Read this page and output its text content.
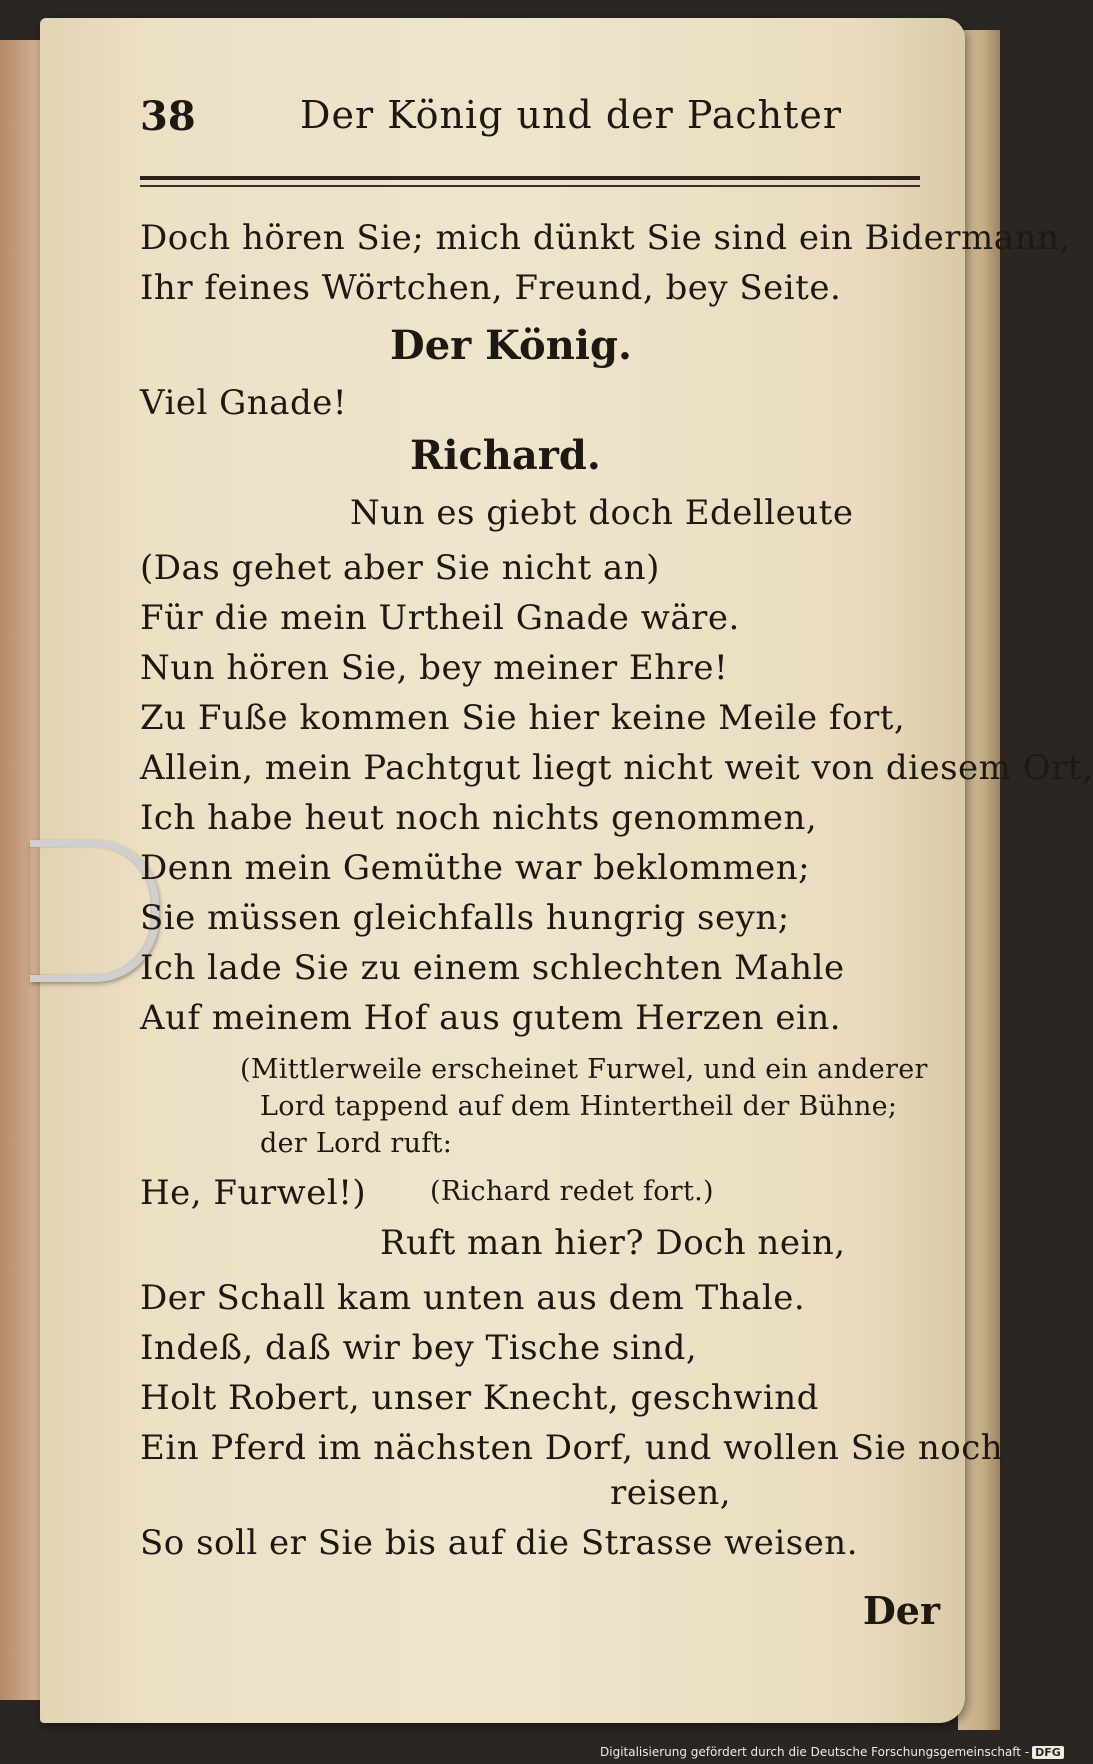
38	Der König und der Pachter
Doch hören Sie; mich dünkt Sie sind ein Bidermann,
Ihr feines Wörtchen, Freund, bey Seite.
Der König.
Viel Gnade!
Richard.
Nun es giebt doch Edelleute
(Das gehet aber Sie nicht an)
Für die mein Urtheil Gnade wäre.
Nun hören Sie, bey meiner Ehre!
Zu Fuße kommen Sie hier keine Meile fort,
Allein, mein Pachtgut liegt nicht weit von diesem Ort,
Ich habe heut noch nichts genommen,
Denn mein Gemüthe war beklommen;
Sie müssen gleichfalls hungrig seyn;
Ich lade Sie zu einem schlechten Mahle
Auf meinem Hof aus gutem Herzen ein.
(Mittlerweile erscheinet Furwel, und ein anderer
Lord tappend auf dem Hintertheil der Bühne;
der Lord ruft:
He, Furwel!) (Richard redet fort.)
Ruft man hier? Doch nein,
Der Schall kam unten aus dem Thale.
Indeß, daß wir bey Tische sind,
Holt Robert, unser Knecht, geschwind
Ein Pferd im nächsten Dorf, und wollen Sie noch
reisen,
So soll er Sie bis auf die Strasse weisen.
Der
Digitalisierung gefördert durch die Deutsche Forschungsgemeinschaft - DFG
